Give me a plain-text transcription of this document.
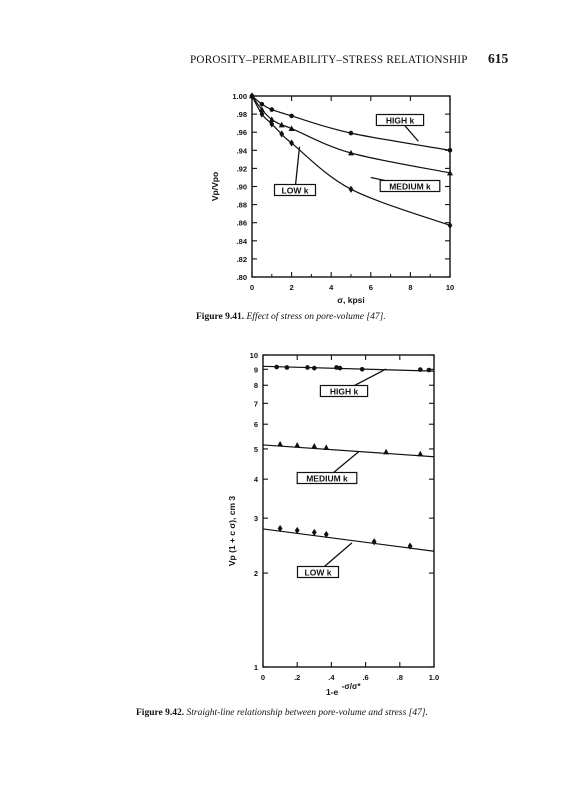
POROSITY–PERMEABILITY–STRESS RELATIONSHIP 615
0	2	4	6	8	10
.80
.82
.84
.86
.88
.90
.92
.94
.96
.98
1.00
σ, kpsi
Vp/Vpo
HIGH k
MEDIUM k
LOW k
0	.2	.4	.6	.8	1.0
1
2
3
4
5
6
7
8
9
10
1-e
-σ/σ*
Vp (1 + c σ), cm 3
HIGH k
MEDIUM k
LOW k
Figure 9.41. Effect of stress on pore-volume [47].
Figure 9.42. Straight-line relationship between pore-volume and stress [47].
